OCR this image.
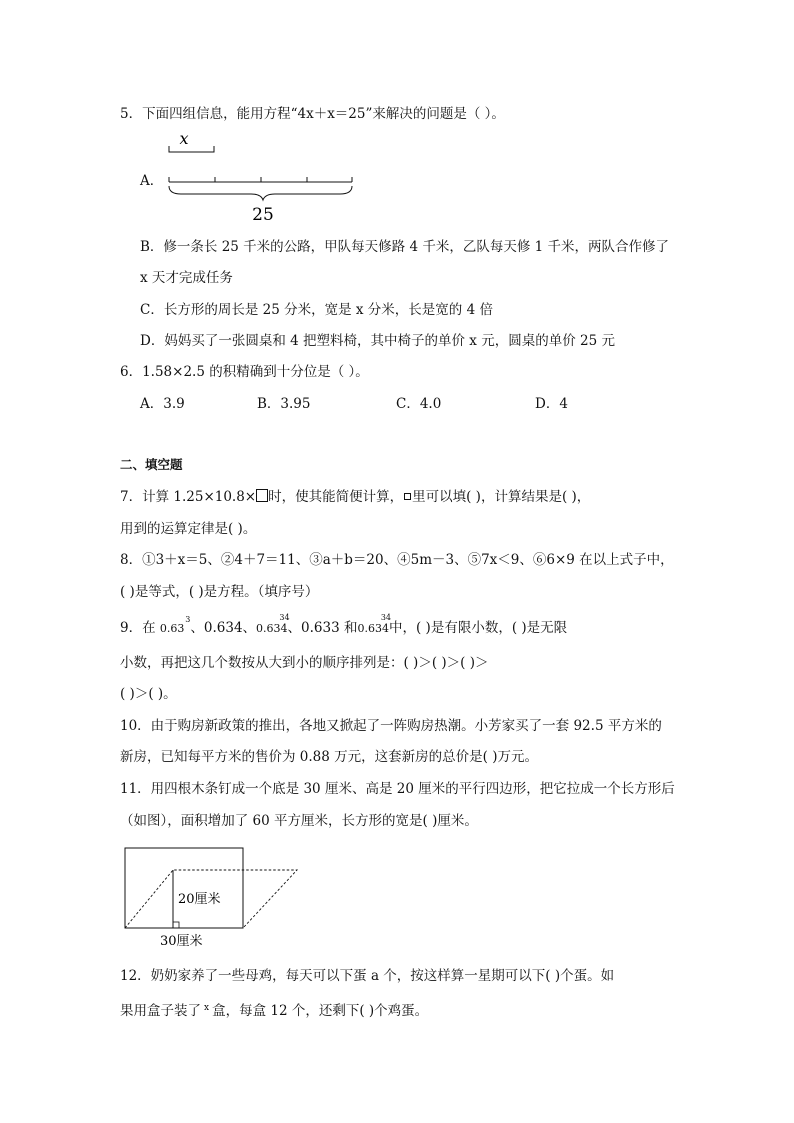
5．下面四组信息，能用方程“4x＋x＝25”来解决的问题是（ ）。
x
25
A．
B．修一条长 25 千米的公路，甲队每天修路 4 千米，乙队每天修 1 千米，两队合作修了
x 天才完成任务
C．长方形的周长是 25 分米，宽是 x 分米，长是宽的 4 倍
D．妈妈买了一张圆桌和 4 把塑料椅，其中椅子的单价 x 元，圆桌的单价 25 元
6．1.58×2.5 的积精确到十分位是（ ）。
A．3.9	B．3.95	C．4.0	D．4
二、填空题
7．计算 1.25×10.8× 时，使其能简便计算， 里可以填( )，计算结果是( )，
用到的运算定律是( )。
8．①3＋x＝5、②4＋7＝11、③a＋b＝20、④5m－3、⑤7x＜9、⑥6×9 在以上式子中，
( )是等式，( )是方程。（填序号）
9．在 0.63
3
、0.634、0.634
34
、0.633 和0.634
34
中，( )是有限小数，( )是无限
小数，再把这几个数按从大到小的顺序排列是：( )＞( )＞( )＞
( )＞( )。
10．由于购房新政策的推出，各地又掀起了一阵购房热潮。小芳家买了一套 92.5 平方米的
新房，已知每平方米的售价为 0.88 万元，这套新房的总价是( )万元。
11．用四根木条钉成一个底是 30 厘米、高是 20 厘米的平行四边形，把它拉成一个长方形后
（如图），面积增加了 60 平方厘米，长方形的宽是( )厘米。
20厘米
30厘米
12．奶奶家养了一些母鸡，每天可以下蛋 a 个，按这样算一星期可以下( )个蛋。如
果用盒子装了 $^x$ 盒，每盒 12 个，还剩下( )个鸡蛋。
